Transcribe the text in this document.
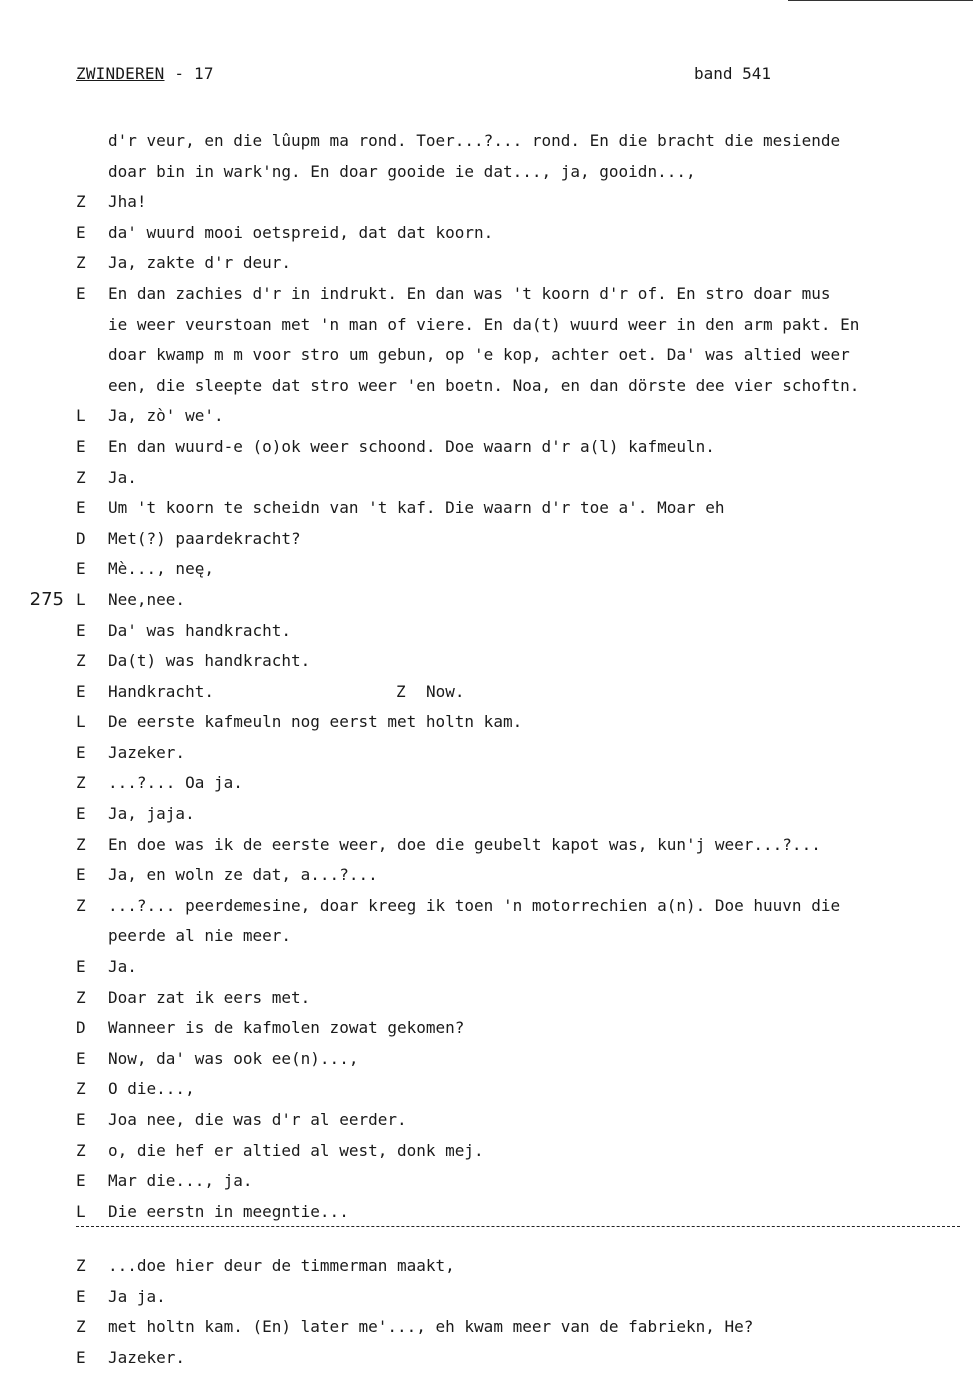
ZWINDEREN - 17	band 541
d'r veur, en die lûupm ma rond. Toer...?... rond. En die bracht die mesiende
doar bin in wark'ng. En doar gooide ie dat..., ja, gooidn...,
Z	Jha!
E	da' wuurd mooi oetspreid, dat dat koorn.
Z	Ja, zakte d'r deur.
E	En dan zachies d'r in indrukt. En dan was 't koorn d'r of. En stro doar mus
ie weer veurstoan met 'n man of viere. En da(t) wuurd weer in den arm pakt. En
doar kwamp m m voor stro um gebun, op 'e kop, achter oet. Da' was altied weer
een, die sleepte dat stro weer 'en boetn. Noa, en dan dörste dee vier schoftn.
L	Ja, zò' we'.
E	En dan wuurd-e (o)ok weer schoond. Doe waarn d'r a(l) kafmeuln.
Z	Ja.
E	Um 't koorn te scheidn van 't kaf. Die waarn d'r toe a'. Moar eh
D	Met(?) paardekracht?
E	Mè..., neę,
275 L	Nee,nee.
E	Da' was handkracht.
Z	Da(t) was handkracht.
E	Handkracht.	Z Now.
L	De eerste kafmeuln nog eerst met holtn kam.
E	Jazeker.
Z	...?... Oa ja.
E	Ja, jaja.
Z	En doe was ik de eerste weer, doe die geubelt kapot was, kun'j weer...?...
E	Ja, en woln ze dat, a...?...
Z	...?... peerdemesine, doar kreeg ik toen 'n motorrechien a(n). Doe huuvn die
peerde al nie meer.
E	Ja.
Z	Doar zat ik eers met.
D	Wanneer is de kafmolen zowat gekomen?
E	Now, da' was ook ee(n)...,
Z	O die...,
E	Joa nee, die was d'r al eerder.
Z	o, die hef er altied al west, donk mej.
E	Mar die..., ja.
L	Die eerstn in meegntie...
Z	...doe hier deur de timmerman maakt,
E	Ja ja.
Z	met holtn kam. (En) later me'..., eh kwam meer van de fabriekn, He?
E	Jazeker.
